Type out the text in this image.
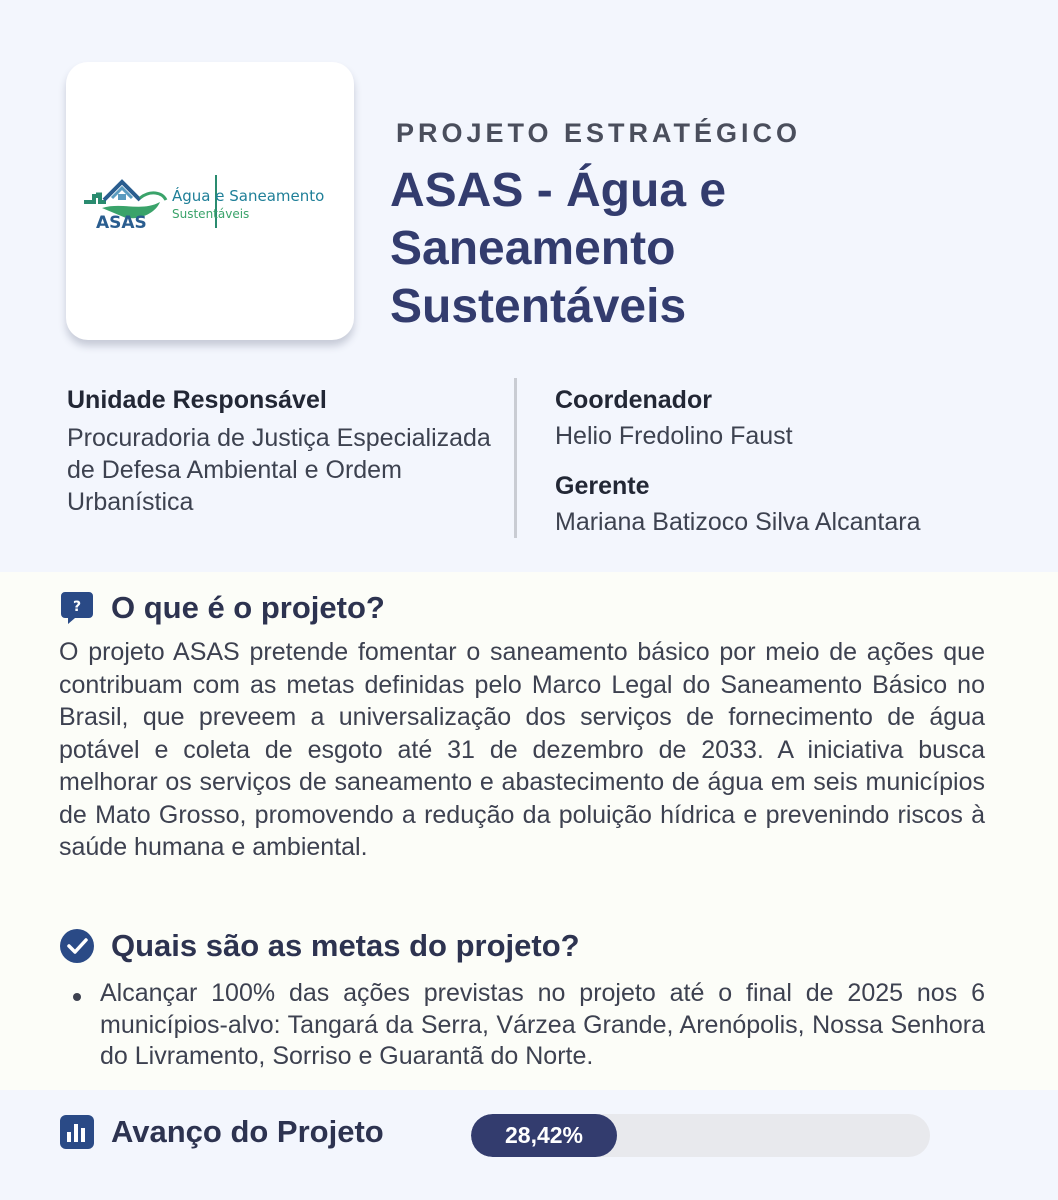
ASAS
Água e Saneamento
Sustentáveis
PROJETO ESTRATÉGICO
ASAS - Água e Saneamento Sustentáveis
Unidade Responsável
Procuradoria de Justiça Especializada de Defesa Ambiental e Ordem Urbanística
Coordenador
Helio Fredolino Faust
Gerente
Mariana Batizoco Silva Alcantara
? O que é o projeto?
O projeto ASAS pretende fomentar o saneamento básico por meio de ações que contribuam com as metas definidas pelo Marco Legal do Saneamento Básico no Brasil, que preveem a universalização dos serviços de fornecimento de água potável e coleta de esgoto até 31 de dezembro de 2033. A iniciativa busca melhorar os serviços de saneamento e abastecimento de água em seis municípios de Mato Grosso, promovendo a redução da poluição hídrica e prevenindo riscos à saúde humana e ambiental.
Quais são as metas do projeto?
Alcançar 100% das ações previstas no projeto até o final de 2025 nos 6 municípios-alvo: Tangará da Serra, Várzea Grande, Arenópolis, Nossa Senhora do Livramento, Sorriso e Guarantã do Norte.
Avanço do Projeto	28,42%
